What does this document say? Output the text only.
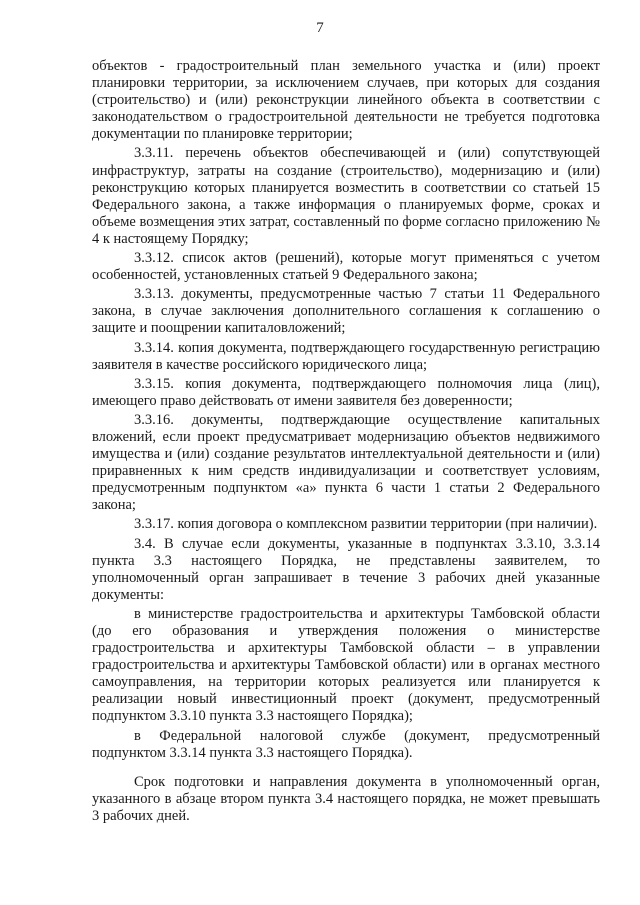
7

объектов - градостроительный план земельного участка и (или) проект планировки территории, за исключением случаев, при которых для создания (строительство) и (или) реконструкции линейного объекта в соответствии с законодательством о градостроительной деятельности не требуется подготовка документации по планировке территории;

3.3.11. перечень объектов обеспечивающей и (или) сопутствующей инфраструктур, затраты на создание (строительство), модернизацию и (или) реконструкцию которых планируется возместить в соответствии со статьей 15 Федерального закона, а также информация о планируемых форме, сроках и объеме возмещения этих затрат, составленный по форме согласно приложению № 4 к настоящему Порядку;

3.3.12. список актов (решений), которые могут применяться с учетом особенностей, установленных статьей 9 Федерального закона;

3.3.13. документы, предусмотренные частью 7 статьи 11 Федерального закона, в случае заключения дополнительного соглашения к соглашению о защите и поощрении капиталовложений;

3.3.14. копия документа, подтверждающего государственную регистрацию заявителя в качестве российского юридического лица;

3.3.15. копия документа, подтверждающего полномочия лица (лиц), имеющего право действовать от имени заявителя без доверенности;

3.3.16. документы, подтверждающие осуществление капитальных вложений, если проект предусматривает модернизацию объектов недвижимого имущества и (или) создание результатов интеллектуальной деятельности и (или) приравненных к ним средств индивидуализации и соответствует условиям, предусмотренным подпунктом «а» пункта 6 части 1 статьи 2 Федерального закона;

3.3.17. копия договора о комплексном развитии территории (при наличии).

3.4. В случае если документы, указанные в подпунктах 3.3.10, 3.3.14 пункта 3.3 настоящего Порядка, не представлены заявителем, то уполномоченный орган запрашивает в течение 3 рабочих дней указанные документы:

в министерстве градостроительства и архитектуры Тамбовской области (до его образования и утверждения положения о министерстве градостроительства и архитектуры Тамбовской области – в управлении градостроительства и архитектуры Тамбовской области) или в органах местного самоуправления, на территории которых реализуется или планируется к реализации новый инвестиционный проект (документ, предусмотренный подпунктом 3.3.10 пункта 3.3 настоящего Порядка);

в Федеральной налоговой службе (документ, предусмотренный подпунктом 3.3.14 пункта 3.3 настоящего Порядка).

Срок подготовки и направления документа в уполномоченный орган, указанного в абзаце втором пункта 3.4 настоящего порядка, не может превышать 3 рабочих дней.
